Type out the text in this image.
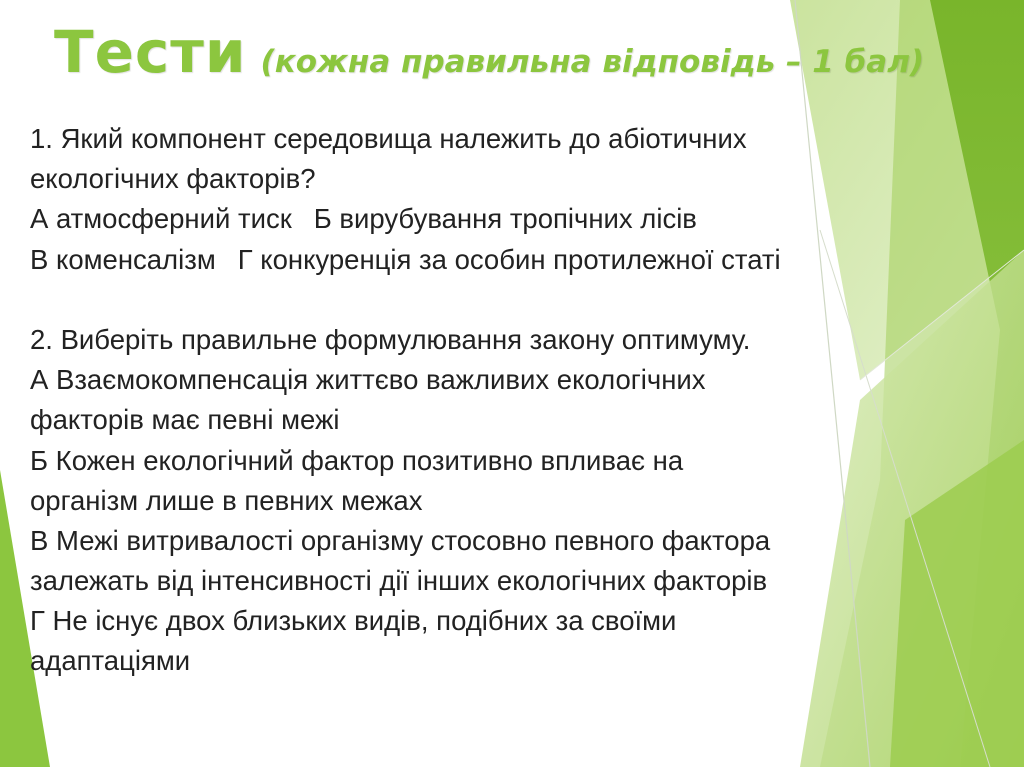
Тести (кожна правильна відповідь – 1 бал)
1. Який компонент середовища належить до абіотичних
екологічних факторів?
А атмосферний тиск Б вирубування тропічних лісів
В коменсалізм Г конкуренція за особин протилежної статі
2. Виберіть правильне формулювання закону оптимуму.
А Взаємокомпенсація життєво важливих екологічних
факторів має певні межі
Б Кожен екологічний фактор позитивно впливає на
організм лише в певних межах
В Межі витривалості організму стосовно певного фактора
залежать від інтенсивності дії інших екологічних факторів
Г Не існує двох близьких видів, подібних за своїми
адаптаціями
